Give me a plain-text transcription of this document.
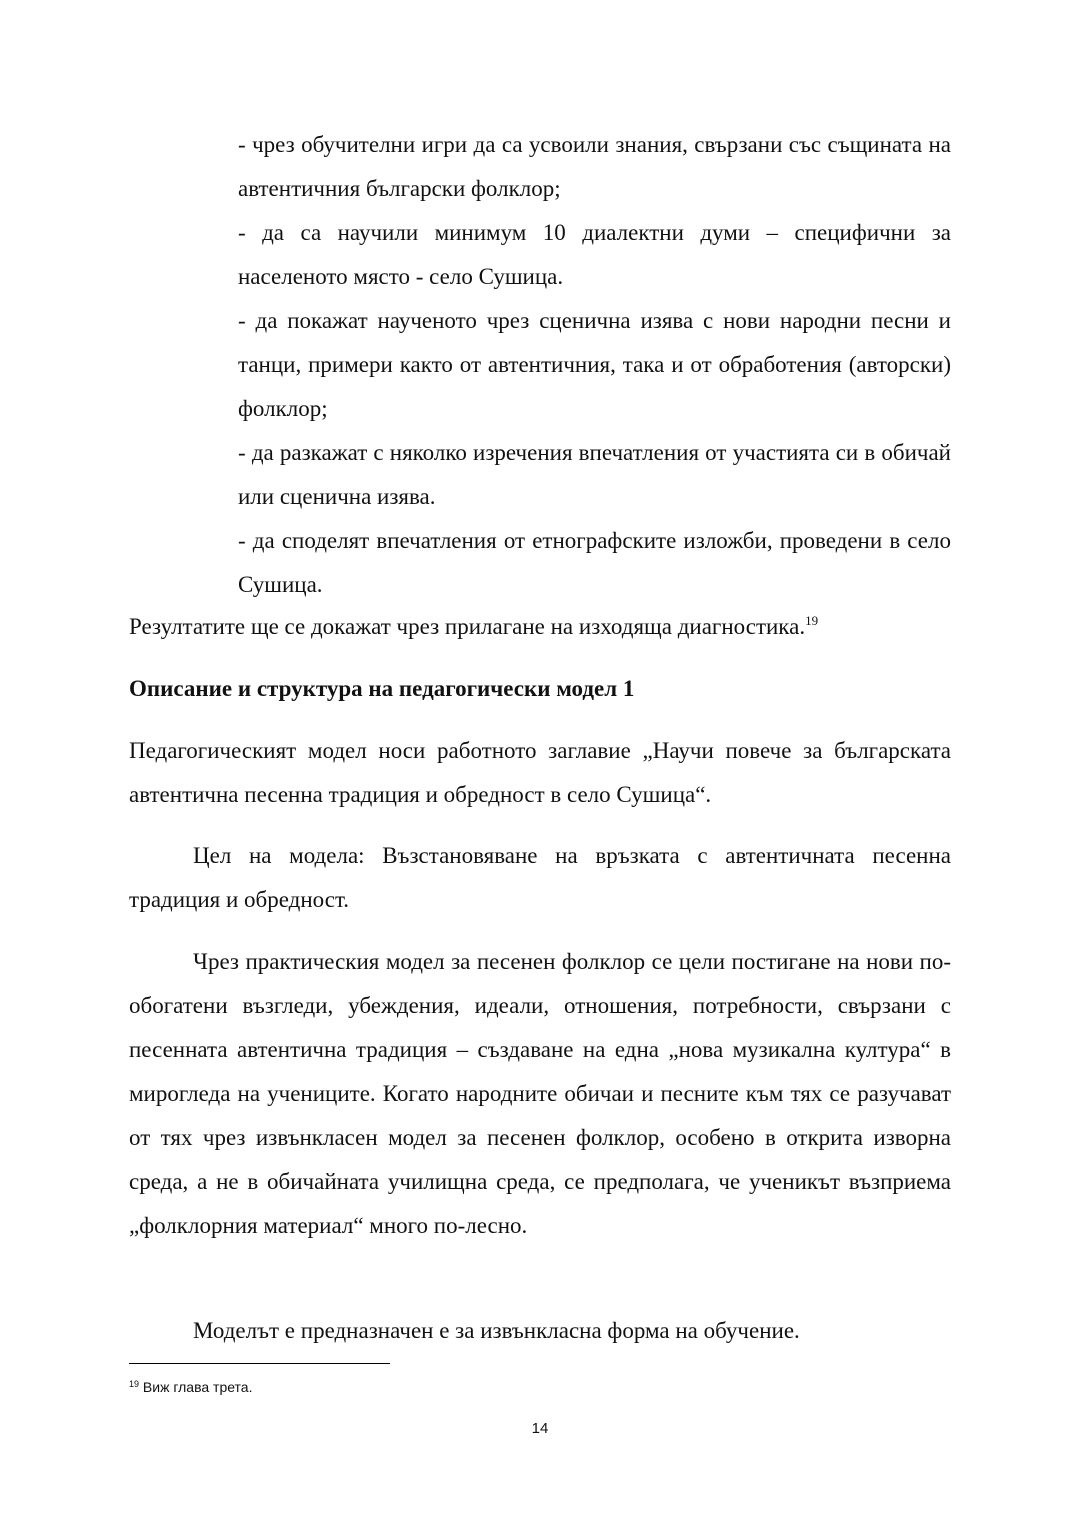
- чрез обучителни игри да са усвоили знания, свързани със същината на автентичния български фолклор;

- да са научили минимум 10 диалектни думи – специфични за населеното място - село Сушица.

- да покажат наученото чрез сценична изява с нови народни песни и танци, примери както от автентичния, така и от обработения (авторски) фолклор;

- да разкажат с няколко изречения впечатления от участията си в обичай или сценична изява.

- да споделят впечатления от етнографските изложби, проведени в село Сушица.

Резултатите ще се докажат чрез прилагане на изходяща диагностика.$^{19}$

Описание и структура на педагогически модел 1

Педагогическият модел носи работното заглавие „Научи повече за българската автентична песенна традиция и обредност в село Сушица“.

Цел на модела: Възстановяване на връзката с автентичната песенна традиция и обредност.

Чрез практическия модел за песенен фолклор се цели постигане на нови по-обогатени възгледи, убеждения, идеали, отношения, потребности, свързани с песенната автентична традиция – създаване на една „нова музикална култура“ в мирогледа на учениците. Когато народните обичаи и песните към тях се разучават от тях чрез извънкласен модел за песенен фолклор, особено в открита изворна среда, а не в обичайната училищна среда, се предполага, че ученикът възприема „фолклорния материал“ много по-лесно.

Моделът е предназначен е за извънкласна форма на обучение.

$^{19}$ Виж глава трета.
14
